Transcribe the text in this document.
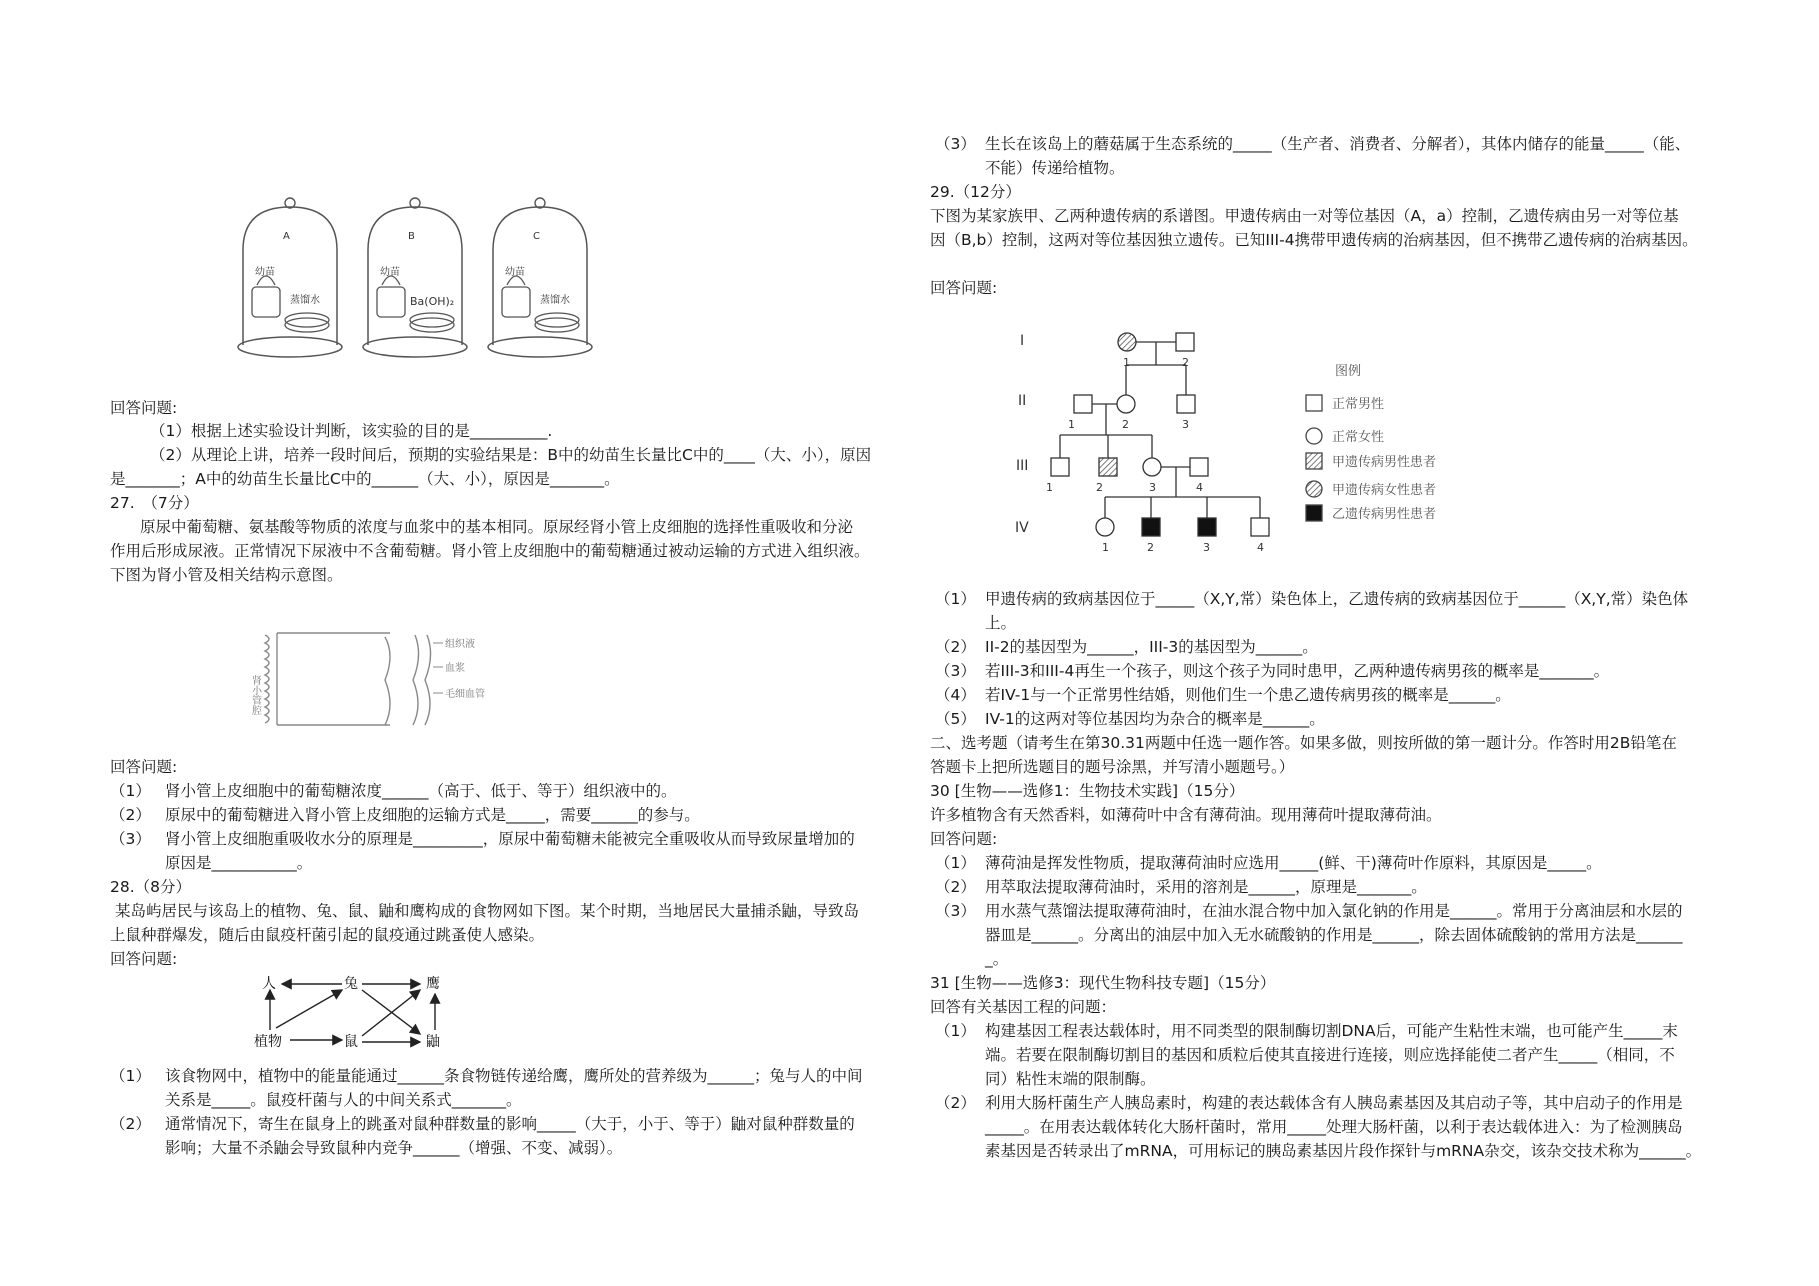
A
幼苗
蒸馏水
B
幼苗
Ba(OH)₂
C
幼苗
蒸馏水
回答问题:
（1）根据上述实验设计判断，该实验的目的是__________.
（2）从理论上讲，培养一段时间后，预期的实验结果是：B中的幼苗生长量比C中的____（大、小），原因
是_______；A中的幼苗生长量比C中的______（大、小），原因是_______。
27.　（7分）
原尿中葡萄糖、氨基酸等物质的浓度与血浆中的基本相同。原尿经肾小管上皮细胞的选择性重吸收和分泌
作用后形成尿液。正常情况下尿液中不含葡萄糖。肾小管上皮细胞中的葡萄糖通过被动运输的方式进入组织液。
下图为肾小管及相关结构示意图。
肾小管腔
组织液
血浆
毛细血管
回答问题:
（1） 肾小管上皮细胞中的葡萄糖浓度______（高于、低于、等于）组织液中的。
（2） 原尿中的葡萄糖进入肾小管上皮细胞的运输方式是_____，需要______的参与。
（3） 肾小管上皮细胞重吸收水分的原理是_________，原尿中葡萄糖未能被完全重吸收从而导致尿量增加的
原因是___________。
28.（8分）
某岛屿居民与该岛上的植物、兔、鼠、鼬和鹰构成的食物网如下图。某个时期，当地居民大量捕杀鼬，导致岛
上鼠种群爆发，随后由鼠疫杆菌引起的鼠疫通过跳蚤使人感染。
回答问题:
人	兔	鹰
植物	鼠	鼬
（1） 该食物网中，植物中的能量能通过______条食物链传递给鹰，鹰所处的营养级为______；兔与人的中间
关系是_____。鼠疫杆菌与人的中间关系式_______。
（2） 通常情况下，寄生在鼠身上的跳蚤对鼠种群数量的影响_____（大于，小于、等于）鼬对鼠种群数量的
影响；大量不杀鼬会导致鼠种内竞争______（增强、不变、减弱）。
（3） 生长在该岛上的蘑菇属于生态系统的_____（生产者、消费者、分解者），其体内储存的能量_____（能、
不能）传递给植物。
29.（12分）
下图为某家族甲、乙两种遗传病的系谱图。甲遗传病由一对等位基因（A，a）控制，乙遗传病由另一对等位基
因（B,b）控制，这两对等位基因独立遗传。已知III-4携带甲遗传病的治病基因，但不携带乙遗传病的治病基因。
回答问题:
I
II
III
IV
1	2
1	2	3
1	2	3	4
1	2	3	4
图例
正常男性
正常女性
甲遗传病男性患者
甲遗传病女性患者
乙遗传病男性患者
（1） 甲遗传病的致病基因位于_____（X,Y,常）染色体上，乙遗传病的致病基因位于______（X,Y,常）染色体
上。
（2） II-2的基因型为______，III-3的基因型为______。
（3） 若III-3和III-4再生一个孩子，则这个孩子为同时患甲，乙两种遗传病男孩的概率是_______。
（4） 若IV-1与一个正常男性结婚，则他们生一个患乙遗传病男孩的概率是______。
（5） IV-1的这两对等位基因均为杂合的概率是______。
二、选考题（请考生在第30.31两题中任选一题作答。如果多做，则按所做的第一题计分。作答时用2B铅笔在
答题卡上把所选题目的题号涂黑，并写清小题题号。）
30 [生物——选修1：生物技术实践]（15分）
许多植物含有天然香料，如薄荷叶中含有薄荷油。现用薄荷叶提取薄荷油。
回答问题:
（1） 薄荷油是挥发性物质，提取薄荷油时应选用_____(鲜、干)薄荷叶作原料，其原因是_____。
（2） 用萃取法提取薄荷油时，采用的溶剂是______，原理是_______。
（3） 用水蒸气蒸馏法提取薄荷油时，在油水混合物中加入氯化钠的作用是______。常用于分离油层和水层的
器皿是______。分离出的油层中加入无水硫酸钠的作用是______，除去固体硫酸钠的常用方法是______
_。
31 [生物——选修3：现代生物科技专题]（15分）
回答有关基因工程的问题：
（1） 构建基因工程表达载体时，用不同类型的限制酶切割DNA后，可能产生粘性末端，也可能产生_____末
端。若要在限制酶切割目的基因和质粒后使其直接进行连接，则应选择能使二者产生_____（相同，不
同）粘性末端的限制酶。
（2） 利用大肠杆菌生产人胰岛素时，构建的表达载体含有人胰岛素基因及其启动子等，其中启动子的作用是
_____。在用表达载体转化大肠杆菌时，常用_____处理大肠杆菌，以利于表达载体进入：为了检测胰岛
素基因是否转录出了mRNA，可用标记的胰岛素基因片段作探针与mRNA杂交，该杂交技术称为______。
